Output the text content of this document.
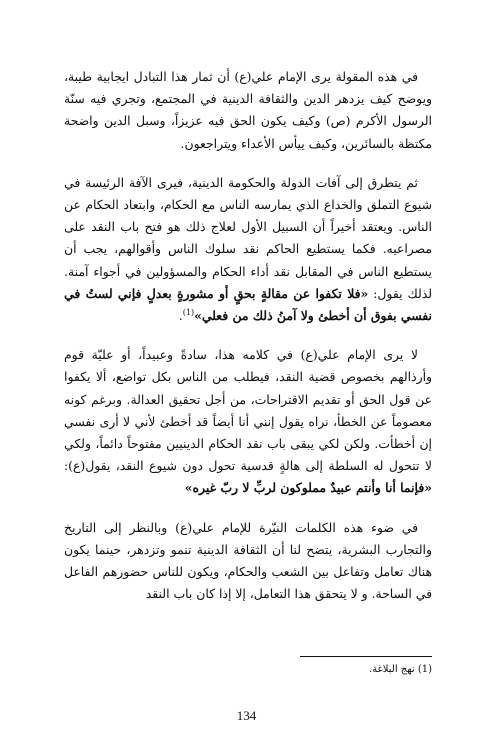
في هذه المقولة يرى الإمام علي(ع) أن ثمار هذا التبادل ايجابية طيبة، ويوضح كيف يزدهر الدين والثقافة الدينية في المجتمع، وتجري فيه سنّة الرسول الأكرم (ص) وكيف يكون الحق فيه عزيزاً، وسبل الدين واضحة مكتظة بالسائرين، وكيف ييأس الأعداء ويتراجعون.

ثم يتطرق إلى آفات الدولة والحكومة الدينية، فيرى الآفة الرئيسة في شيوع التملق والخداع الذي يمارسه الناس مع الحكام، وابتعاد الحكام عن الناس. ويعتقد أخيراً أن السبيل الأول لعلاج ذلك هو فتح باب النقد على مصراعيه. فكما يستطيع الحاكم نقد سلوك الناس وأقوالهم، يجب أن يستطيع الناس في المقابل نقد أداء الحكام والمسؤولين في أجواء آمنة. لذلك يقول: «فلا تكفوا عن مقالةٍ بحقٍ أو مشورةٍ بعدلٍ فإني لستُ في نفسي بفوق أن أخطئ ولا آمنُ ذلك من فعلي»$^{(1)}$.

لا يرى الإمام علي(ع) في كلامه هذا، سادةً وعبيداً، أو عليّة قوم وأرذالهم بخصوص قضية النقد، فيطلب من الناس بكل تواضع، ألا يكفوا عن قول الحق أو تقديم الاقتراحات، من أجل تحقيق العدالة. وبرغم كونه معصوماً عن الخطأ، نراه يقول إنني أنا أيضاً قد أخطئ لأني لا أرى نفسي إن أخطأت. ولكن لكي يبقى باب نقد الحكام الدينيين مفتوحاً دائماً، ولكي لا تتحول له السلطة إلى هالةٍ قدسية تحول دون شيوع النقد، يقول(ع): «فإنما أنا وأنتم عبيدٌ مملوكون لربِّ لا ربّ غيره»

في ضوء هذه الكلمات النيّرة للإمام علي(ع) وبالنظر إلى التاريخ والتجارب البشرية، يتضح لنا أن الثقافة الدينية تنمو وتزدهر، حينما يكون هناك تعامل وتفاعل بين الشعب والحكام، ويكون للناس حضورهم الفاعل في الساحة. و لا يتحقق هذا التعامل، إلا إذا كان باب النقد

(1) نهج البلاغة.
134
